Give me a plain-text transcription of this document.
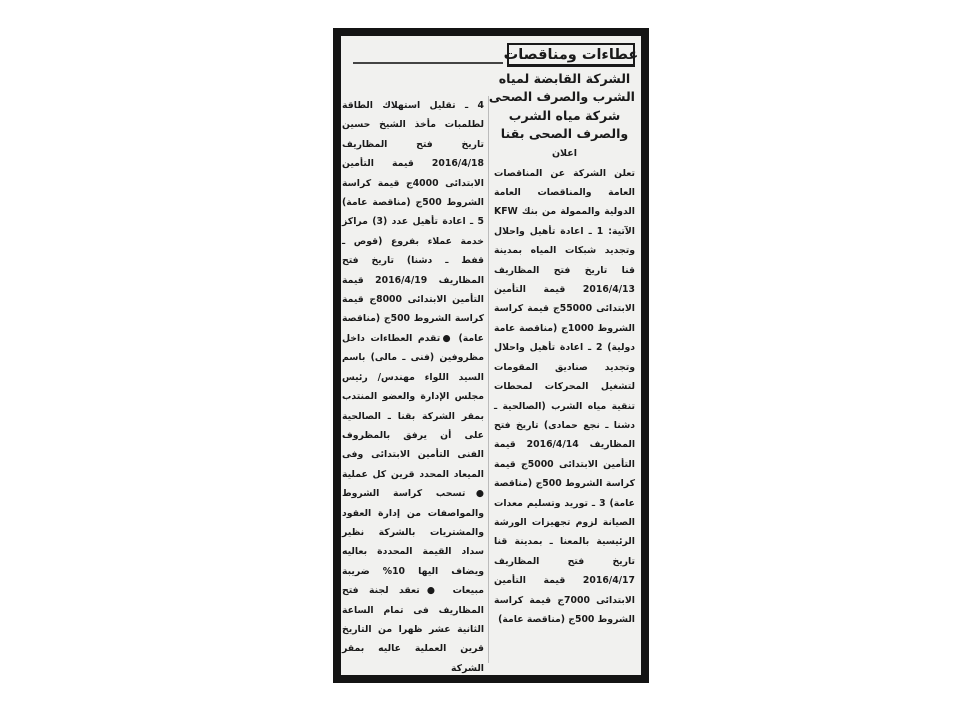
عطاءات ومناقصات
الشركة القابضة لمياه
الشرب والصرف الصحى
شركة مياه الشرب
والصرف الصحى بقنا
اعلان
تعلن الشركة عن المناقصات العامة والمناقصات العامة الدولية والممولة من بنك KFW الآتية: 1 ـ اعادة تأهيل واحلال وتجديد شبكات المياه بمدينة قنا تاريخ فتح المظاريف 2016/4/13 قيمة التأمين الابتدائى 55000ج قيمة كراسة الشروط 1000ج (مناقصة عامة دولية) 2 ـ اعادة تأهيل واحلال وتجديد صناديق المقومات لتشغيل المحركات لمحطات تنقية مياه الشرب (الصالحية ـ دشنا ـ نجع حمادى) تاريخ فتح المظاريف 2016/4/14 قيمة التأمين الابتدائى 5000ج قيمة كراسة الشروط 500ج (مناقصة عامة) 3 ـ توريد وتسليم معدات الصيانة لزوم تجهيزات الورشة الرئيسية بالمعنا ـ بمدينة قنا تاريخ فتح المظاريف 2016/4/17 قيمة التأمين الابتدائى 7000ج قيمة كراسة الشروط 500ج (مناقصة عامة)
4 ـ تقليل استهلاك الطاقة لطلمبات مأخذ الشيخ حسين تاريخ فتح المظاريف 2016/4/18 قيمة التأمين الابتدائى 4000ج قيمة كراسة الشروط 500ج (مناقصة عامة) 5 ـ اعادة تأهيل عدد (3) مراكز خدمة عملاء بفروع (قوص ـ قفط ـ دشنا) تاريخ فتح المظاريف 2016/4/19 قيمة التأمين الابتدائى 8000ج قيمة كراسة الشروط 500ج (مناقصة عامة) ●تقدم العطاءات داخل مظروفين (فنى ـ مالى) باسم السيد اللواء مهندس/ رئيس مجلس الإدارة والعضو المنتدب بمقر الشركة بقنا ـ الصالحية على أن يرفق بالمظروف الفنى التأمين الابتدائى وفى الميعاد المحدد قرين كل عملية ●تسحب كراسة الشروط والمواصفات من إدارة العقود والمشتريات بالشركة نظير سداد القيمة المحددة بعاليه ويضاف اليها 10% ضريبة مبيعات ●تعقد لجنة فتح المظاريف فى تمام الساعة الثانية عشر ظهرا من التاريخ قرين العملية عاليه بمقر الشركة
